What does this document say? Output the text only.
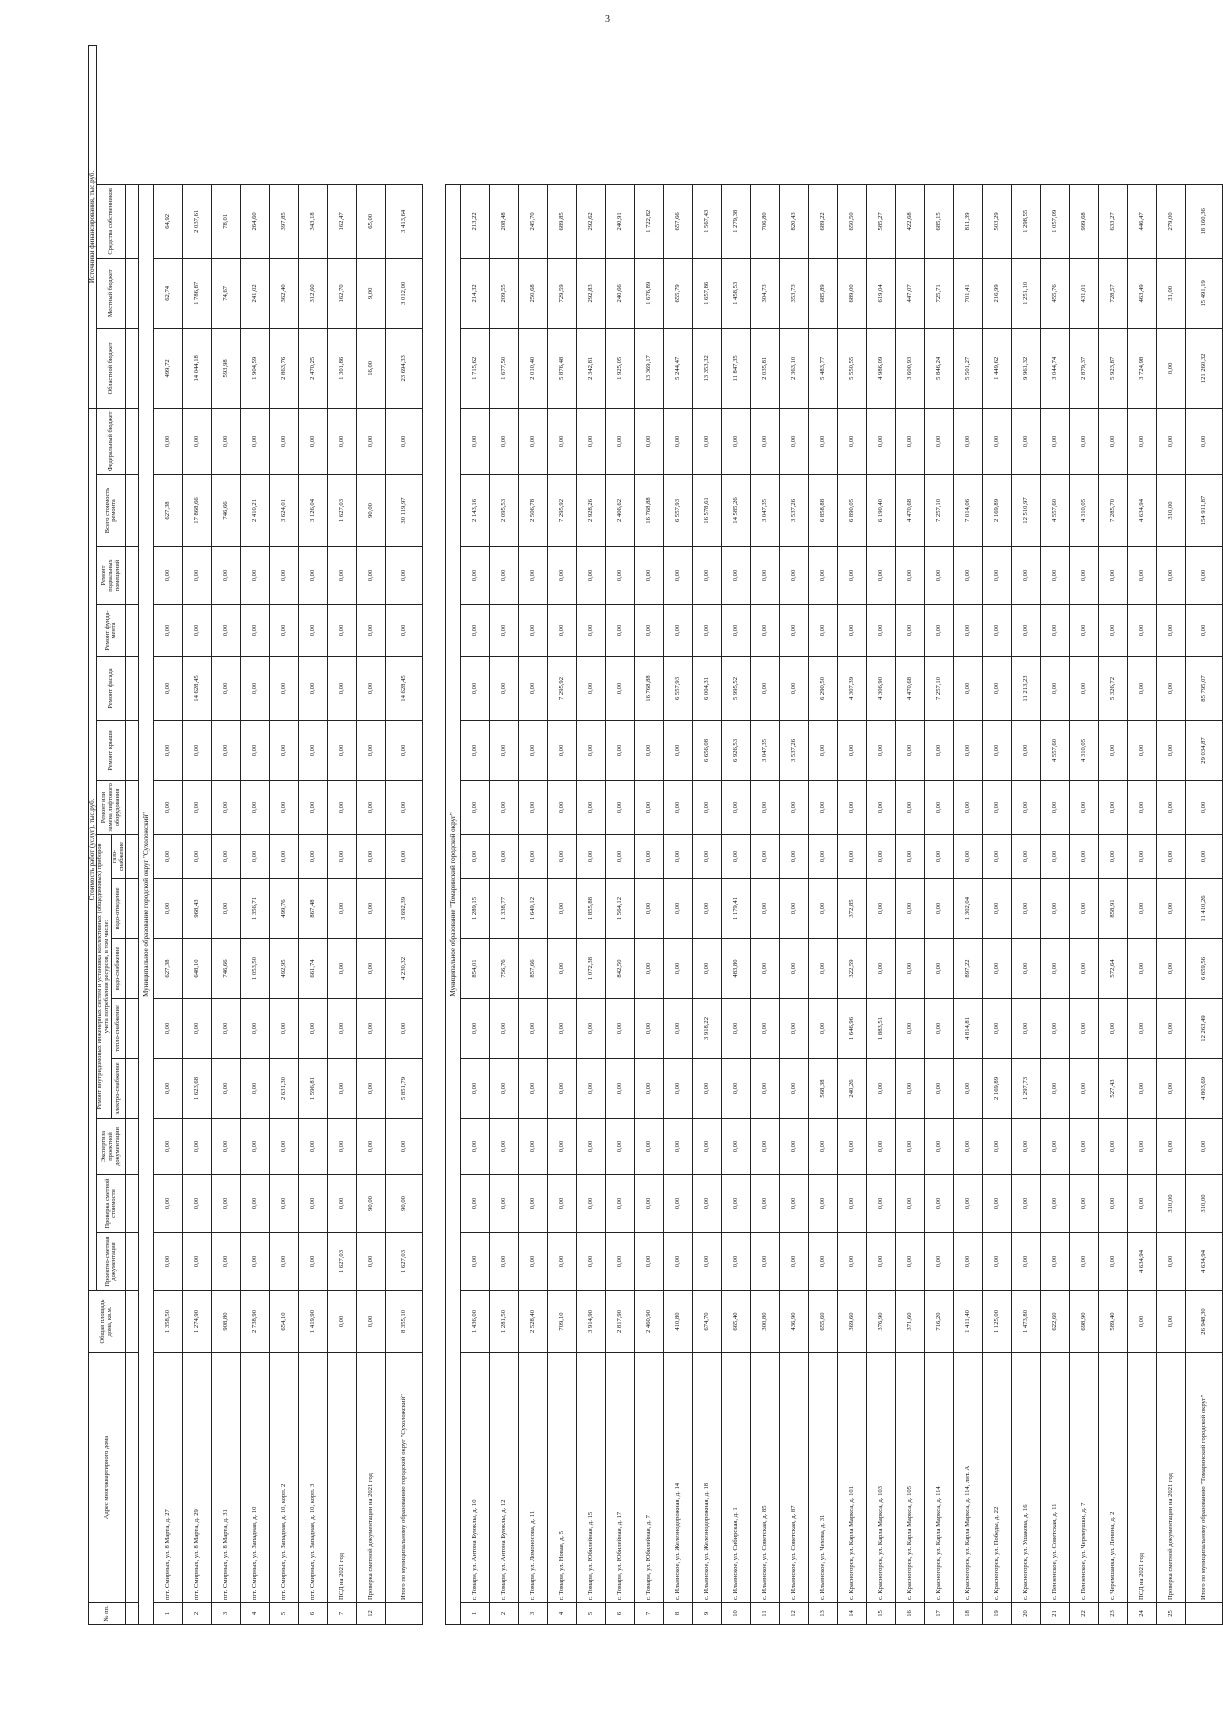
3
№ пп.	Адрес многоквартирного дома	Общая площадь дома, кв.м.	Стоимость работ (услуг), тыс.руб.															Источники финансирования, тыс.руб.		
			Проектно-сметная документация	Проверка сметной стоимости	Экспертиза проектной документации	Ремонт внутридомовых инженерных систем и установка коллективных (общедомовых) приборов учета потребления ресурсов, в том числе:					Ремонт или замена лифтового оборудования	Ремонт крыши	Ремонт фасада	Ремонт фунда-мента	Ремонт подвальных помещений	Всего стоимость ремонта	Федеральный бюджет	Областной бюджет	Местный бюджет	Средства собственников
						электро-снабжение	тепло-снабжение	водо-снабжение	водо-отведение	газо-снабжение										

Муниципальное образование городской округ "Сухоложский"																				
1	пгт. Смирных, ул. 8 Марта, д. 27	1 358,50	0,00	0,00	0,00	0,00	0,00	627,38	0,00	0,00	0,00	0,00	0,00	0,00	0,00	627,38	0,00	499,72	62,74	64,92
2	пгт. Смирных, ул. 8 Марта, д. 29	1 274,90	0,00	0,00	0,00	1 623,68	0,00	648,10	968,43	0,00	0,00	0,00	14 628,45	0,00	0,00	17 868,66	0,00	14 044,18	1 786,87	2 037,61
3	пгт. Смирных, ул. 8 Марта, д. 31	908,80	0,00	0,00	0,00	0,00	0,00	746,66	0,00	0,00	0,00	0,00	0,00	0,00	0,00	746,66	0,00	593,98	74,67	78,01
4	пгт. Смирных, ул. Западная, д. 10	2 738,90	0,00	0,00	0,00	0,00	0,00	1 053,50	1 356,71	0,00	0,00	0,00	0,00	0,00	0,00	2 410,21	0,00	1 904,59	241,02	264,60
5	пгт. Смирных, ул. Западная, д. 10, корп. 2	654,10	0,00	0,00	0,00	2 631,30	0,00	492,95	499,76	0,00	0,00	0,00	0,00	0,00	0,00	3 624,01	0,00	2 863,76	362,40	397,85
6	пгт. Смирных, ул. Западная, д. 10, корп. 3	1 419,90	0,00	0,00	0,00	1 596,81	0,00	661,74	867,48	0,00	0,00	0,00	0,00	0,00	0,00	3 126,04	0,00	2 470,25	312,60	343,18
7	ПСД на 2021 год	0,00	1 627,03	0,00	0,00	0,00	0,00	0,00	0,00	0,00	0,00	0,00	0,00	0,00	0,00	1 627,03	0,00	1 301,86	162,70	162,47
12	Проверка сметной документации на 2021 год	0,00	0,00	90,00	0,00	0,00	0,00	0,00	0,00	0,00	0,00	0,00	0,00	0,00	0,00	90,00	0,00	16,00	9,00	65,00
	Итого по муниципальному образованию городской округ "Сухоложский"	8 355,10	1 627,03	90,00	0,00	5 851,79	0,00	4 230,32	3 692,39	0,00	0,00	0,00	14 628,45	0,00	0,00	30 119,97	0,00	23 694,33	3 012,00	3 413,64

Муниципальное образование "Томаринский городской округ"																				
1	г. Томари, ул. Антона Буюклы, д. 10	1 436,00	0,00	0,00	0,00	0,00	0,00	854,01	1 289,15	0,00	0,00	0,00	0,00	0,00	0,00	2 143,16	0,00	1 715,62	214,32	213,22
2	г. Томари, ул. Антона Буюклы, д. 12	1 281,50	0,00	0,00	0,00	0,00	0,00	756,76	1 338,77	0,00	0,00	0,00	0,00	0,00	0,00	2 095,53	0,00	1 677,50	209,55	208,48
3	г. Томари, ул. Ломоносова, д. 11	2 528,40	0,00	0,00	0,00	0,00	0,00	857,66	1 649,12	0,00	0,00	0,00	0,00	0,00	0,00	2 506,78	0,00	2 010,40	250,68	245,70
4	г. Томари, ул. Новая, д. 5	709,10	0,00	0,00	0,00	0,00	0,00	0,00	0,00	0,00	0,00	0,00	7 295,92	0,00	0,00	7 295,92	0,00	5 876,48	729,59	689,85
5	г. Томари, ул. Юбилейная, д. 15	3 914,90	0,00	0,00	0,00	0,00	0,00	1 072,38	1 855,88	0,00	0,00	0,00	0,00	0,00	0,00	2 928,26	0,00	2 342,81	292,83	292,62
6	г. Томари, ул. Юбилейная, д. 17	2 817,90	0,00	0,00	0,00	0,00	0,00	842,50	1 564,12	0,00	0,00	0,00	0,00	0,00	0,00	2 406,62	0,00	1 925,05	240,66	240,91
7	г. Томари, ул. Юбилейная, д. 7	2 460,90	0,00	0,00	0,00	0,00	0,00	0,00	0,00	0,00	0,00	0,00	16 768,88	0,00	0,00	16 768,88	0,00	13 369,17	1 676,89	1 722,82
8	с. Ильинское, ул. Железнодорожная, д. 14	410,80	0,00	0,00	0,00	0,00	0,00	0,00	0,00	0,00	0,00	0,00	6 557,93	0,00	0,00	6 557,93	0,00	5 244,47	655,79	657,66
9	с. Ильинское, ул. Железнодорожная, д. 18	674,70	0,00	0,00	0,00	0,00	3 918,22	0,00	0,00	0,00	0,00	6 656,08	6 004,31	0,00	0,00	16 578,61	0,00	13 353,32	1 657,86	1 567,43
10	с. Ильинское, ул. Сибирская, д. 1	665,40	0,00	0,00	0,00	0,00	0,00	483,80	1 179,41	0,00	0,00	6 926,53	5 995,52	0,00	0,00	14 585,26	0,00	11 847,35	1 458,53	1 279,38
11	с. Ильинское, ул. Советская, д. 85	300,80	0,00	0,00	0,00	0,00	0,00	0,00	0,00	0,00	0,00	3 047,35	0,00	0,00	0,00	3 047,35	0,00	2 035,81	304,73	706,80
12	с. Ильинское, ул. Советская, д. 87	436,90	0,00	0,00	0,00	0,00	0,00	0,00	0,00	0,00	0,00	3 537,26	0,00	0,00	0,00	3 537,26	0,00	2 363,10	353,73	820,43
13	с. Ильинское, ул. Чехова, д. 31	655,60	0,00	0,00	0,00	568,38	0,00	0,00	0,00	0,00	0,00	0,00	6 290,50	0,00	0,00	6 858,88	0,00	5 483,77	685,89	689,22
14	с. Красногорск, ул. Карла Маркса, д. 101	369,60	0,00	0,00	0,00	240,26	1 646,96	322,59	372,85	0,00	0,00	0,00	4 307,39	0,00	0,00	6 890,05	0,00	5 550,55	689,00	650,50
15	с. Красногорск, ул. Карла Маркса, д. 103	376,90	0,00	0,00	0,00	0,00	1 883,51	0,00	0,00	0,00	0,00	0,00	4 306,90	0,00	0,00	6 190,40	0,00	4 986,09	619,04	585,27
16	с. Красногорск, ул. Карла Маркса, д. 105	371,60	0,00	0,00	0,00	0,00	0,00	0,00	0,00	0,00	0,00	0,00	4 470,68	0,00	0,00	4 470,68	0,00	3 600,93	447,07	422,68
17	с. Красногорск, ул. Карла Маркса, д. 114	716,20	0,00	0,00	0,00	0,00	0,00	0,00	0,00	0,00	0,00	0,00	7 257,10	0,00	0,00	7 257,10	0,00	5 846,24	725,71	685,15
18	с. Красногорск, ул. Карла Маркса, д. 114, лит. А	1 411,40	0,00	0,00	0,00	0,00	4 814,81	897,22	1 302,04	0,00	0,00	0,00	0,00	0,00	0,00	7 014,06	0,00	5 501,27	701,41	811,39
19	с. Красногорск, ул. Победы, д. 22	1 125,00	0,00	0,00	0,00	2 169,89	0,00	0,00	0,00	0,00	0,00	0,00	0,00	0,00	0,00	2 169,89	0,00	1 449,62	216,99	503,29
20	с. Красногорск, ул. Ушакова, д. 16	1 473,80	0,00	0,00	0,00	1 297,73	0,00	0,00	0,00	0,00	0,00	0,00	11 213,23	0,00	0,00	12 510,97	0,00	9 961,32	1 251,10	1 298,55
21	с. Пензенское, ул. Советская, д. 11	622,60	0,00	0,00	0,00	0,00	0,00	0,00	0,00	0,00	0,00	4 557,60	0,00	0,00	0,00	4 557,60	0,00	3 044,74	455,76	1 057,09
22	с. Пензенское, ул. Черемушки, д. 7	698,90	0,00	0,00	0,00	0,00	0,00	0,00	0,00	0,00	0,00	4 310,05	0,00	0,00	0,00	4 310,05	0,00	2 879,37	431,01	999,68
23	с. Черемшанка, ул. Ленина, д. 2	589,40	0,00	0,00	0,00	527,43	0,00	572,64	858,91	0,00	0,00	0,00	5 326,72	0,00	0,00	7 285,70	0,00	5 923,87	728,57	633,27
24	ПСД на 2021 год	0,00	4 634,94	0,00	0,00	0,00	0,00	0,00	0,00	0,00	0,00	0,00	0,00	0,00	0,00	4 634,94	0,00	3 724,98	463,49	446,47
25	Проверка сметной документации на 2021 год	0,00	0,00	310,00	0,00	0,00	0,00	0,00	0,00	0,00	0,00	0,00	0,00	0,00	0,00	310,00	0,00	0,00	31,00	279,00
	Итого по муниципальному образованию "Томаринский городской округ"	26 948,30	4 634,94	310,00	0,00	4 803,69	12 263,49	6 659,56	11 410,26	0,00	0,00	29 034,87	85 795,07	0,00	0,00	154 911,87	0,00	121 260,32	15 491,19	18 160,36
